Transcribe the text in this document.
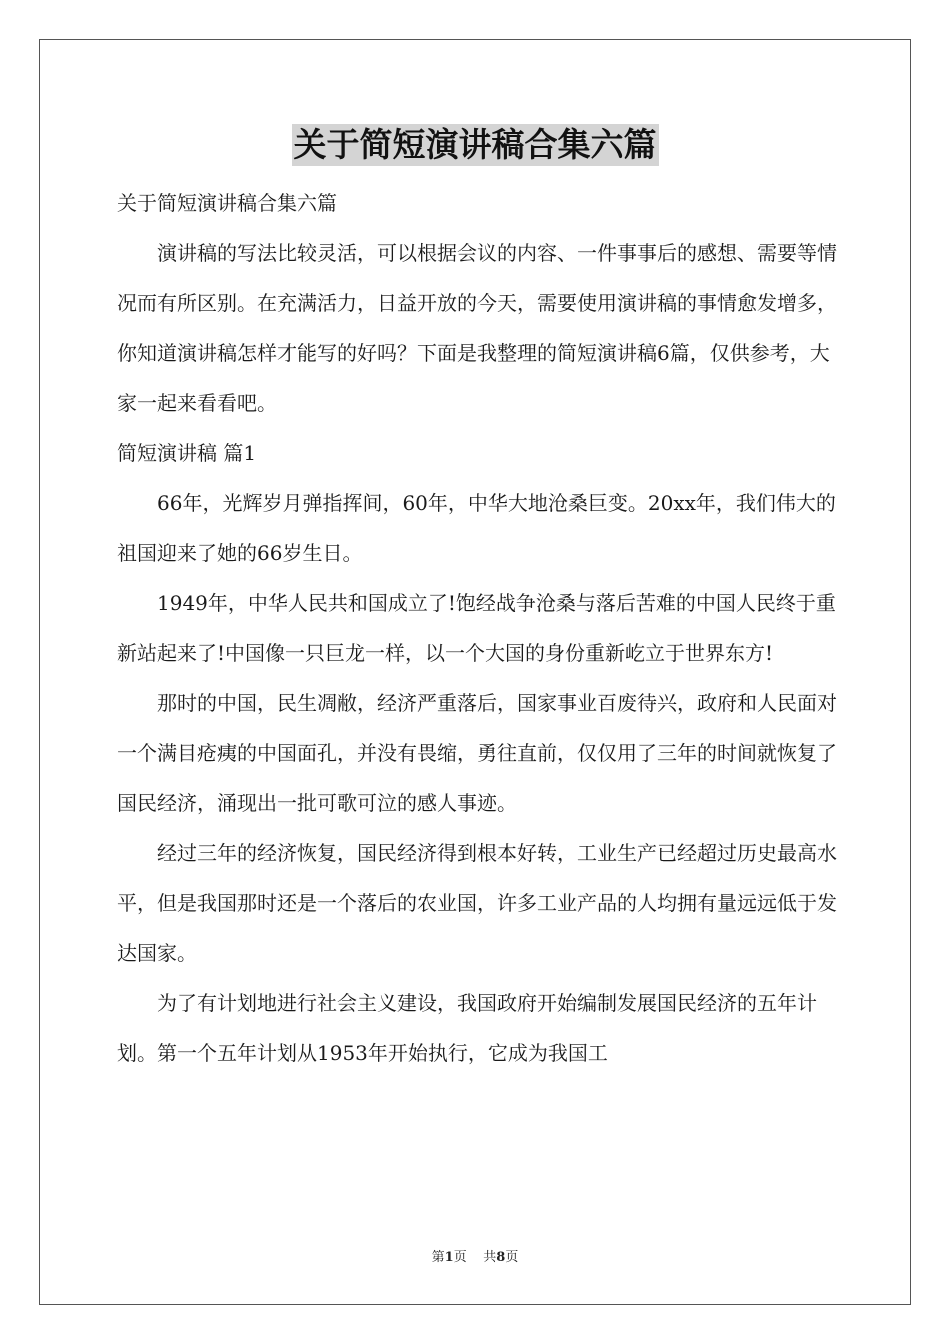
关于简短演讲稿合集六篇

关于简短演讲稿合集六篇

演讲稿的写法比较灵活，可以根据会议的内容、一件事事后的感想、需要等情况而有所区别。在充满活力，日益开放的今天，需要使用演讲稿的事情愈发增多，你知道演讲稿怎样才能写的好吗？下面是我整理的简短演讲稿6篇，仅供参考，大家一起来看看吧。

简短演讲稿 篇1

66年，光辉岁月弹指挥间，60年，中华大地沧桑巨变。20xx年，我们伟大的祖国迎来了她的66岁生日。

1949年，中华人民共和国成立了!饱经战争沧桑与落后苦难的中国人民终于重新站起来了!中国像一只巨龙一样，以一个大国的身份重新屹立于世界东方!

那时的中国，民生凋敝，经济严重落后，国家事业百废待兴，政府和人民面对一个满目疮痍的中国面孔，并没有畏缩，勇往直前，仅仅用了三年的时间就恢复了国民经济，涌现出一批可歌可泣的感人事迹。

经过三年的经济恢复，国民经济得到根本好转，工业生产已经超过历史最高水平，但是我国那时还是一个落后的农业国，许多工业产品的人均拥有量远远低于发达国家。

为了有计划地进行社会主义建设，我国政府开始编制发展国民经济的五年计划。第一个五年计划从1953年开始执行，它成为我国工

第1页 共8页
